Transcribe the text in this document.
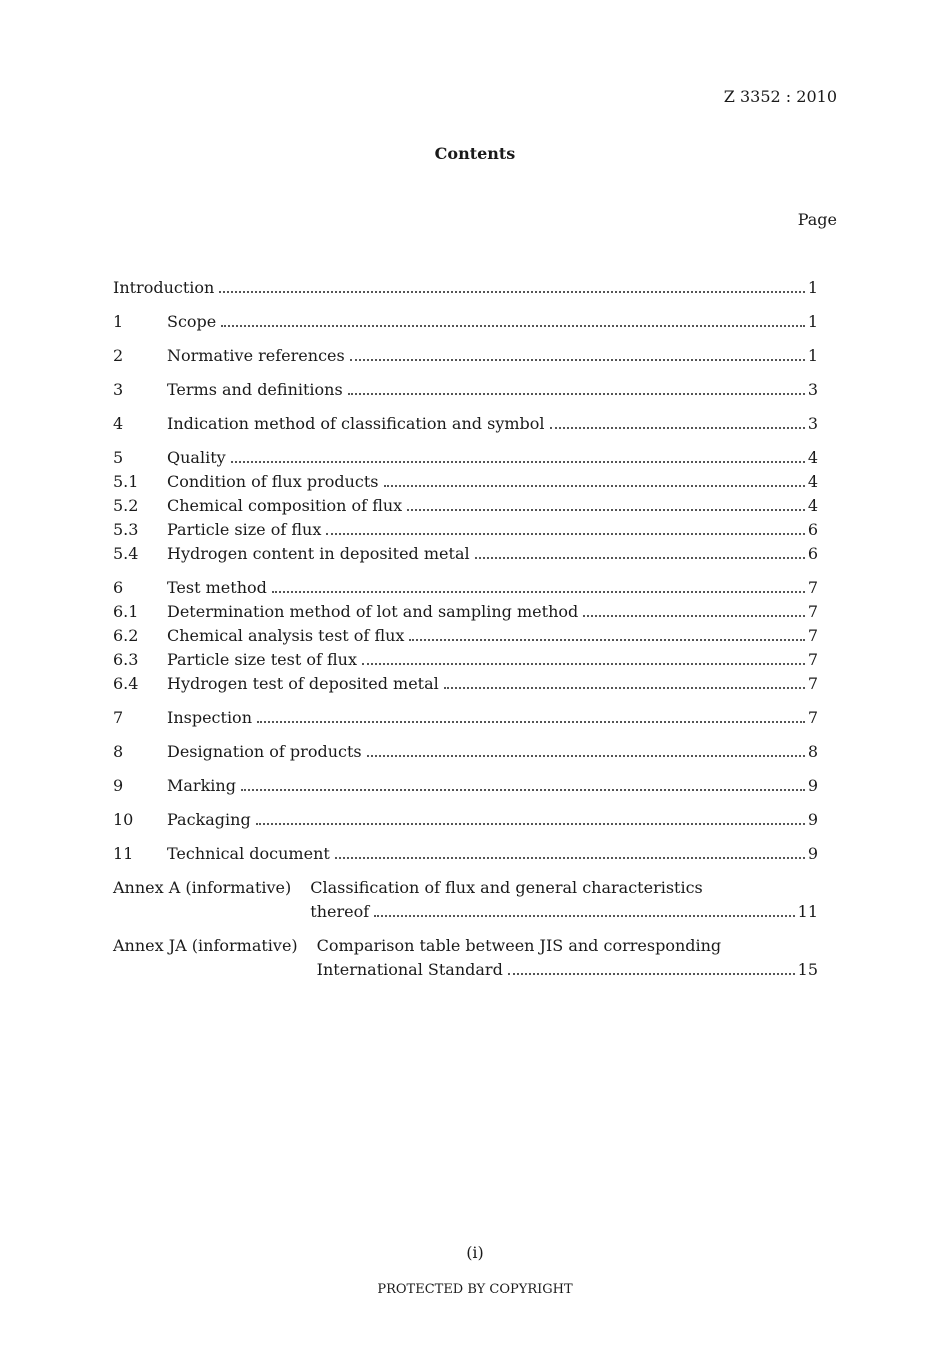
Z 3352 : 2010
Contents
Page
Introduction	1
1	Scope	1
2	Normative references	1
3	Terms and definitions	3
4	Indication method of classification and symbol	3
5	Quality	4
5.1	Condition of flux products	4
5.2	Chemical composition of flux	4
5.3	Particle size of flux	6
5.4	Hydrogen content in deposited metal	6
6	Test method	7
6.1	Determination method of lot and sampling method	7
6.2	Chemical analysis test of flux	7
6.3	Particle size test of flux	7
6.4	Hydrogen test of deposited metal	7
7	Inspection	7
8	Designation of products	8
9	Marking	9
10	Packaging	9
11	Technical document	9
Annex A (informative) Classification of flux and general characteristics
thereof	11
Annex JA (informative) Comparison table between JIS and corresponding
International Standard	15
(i)
PROTECTED BY COPYRIGHT
